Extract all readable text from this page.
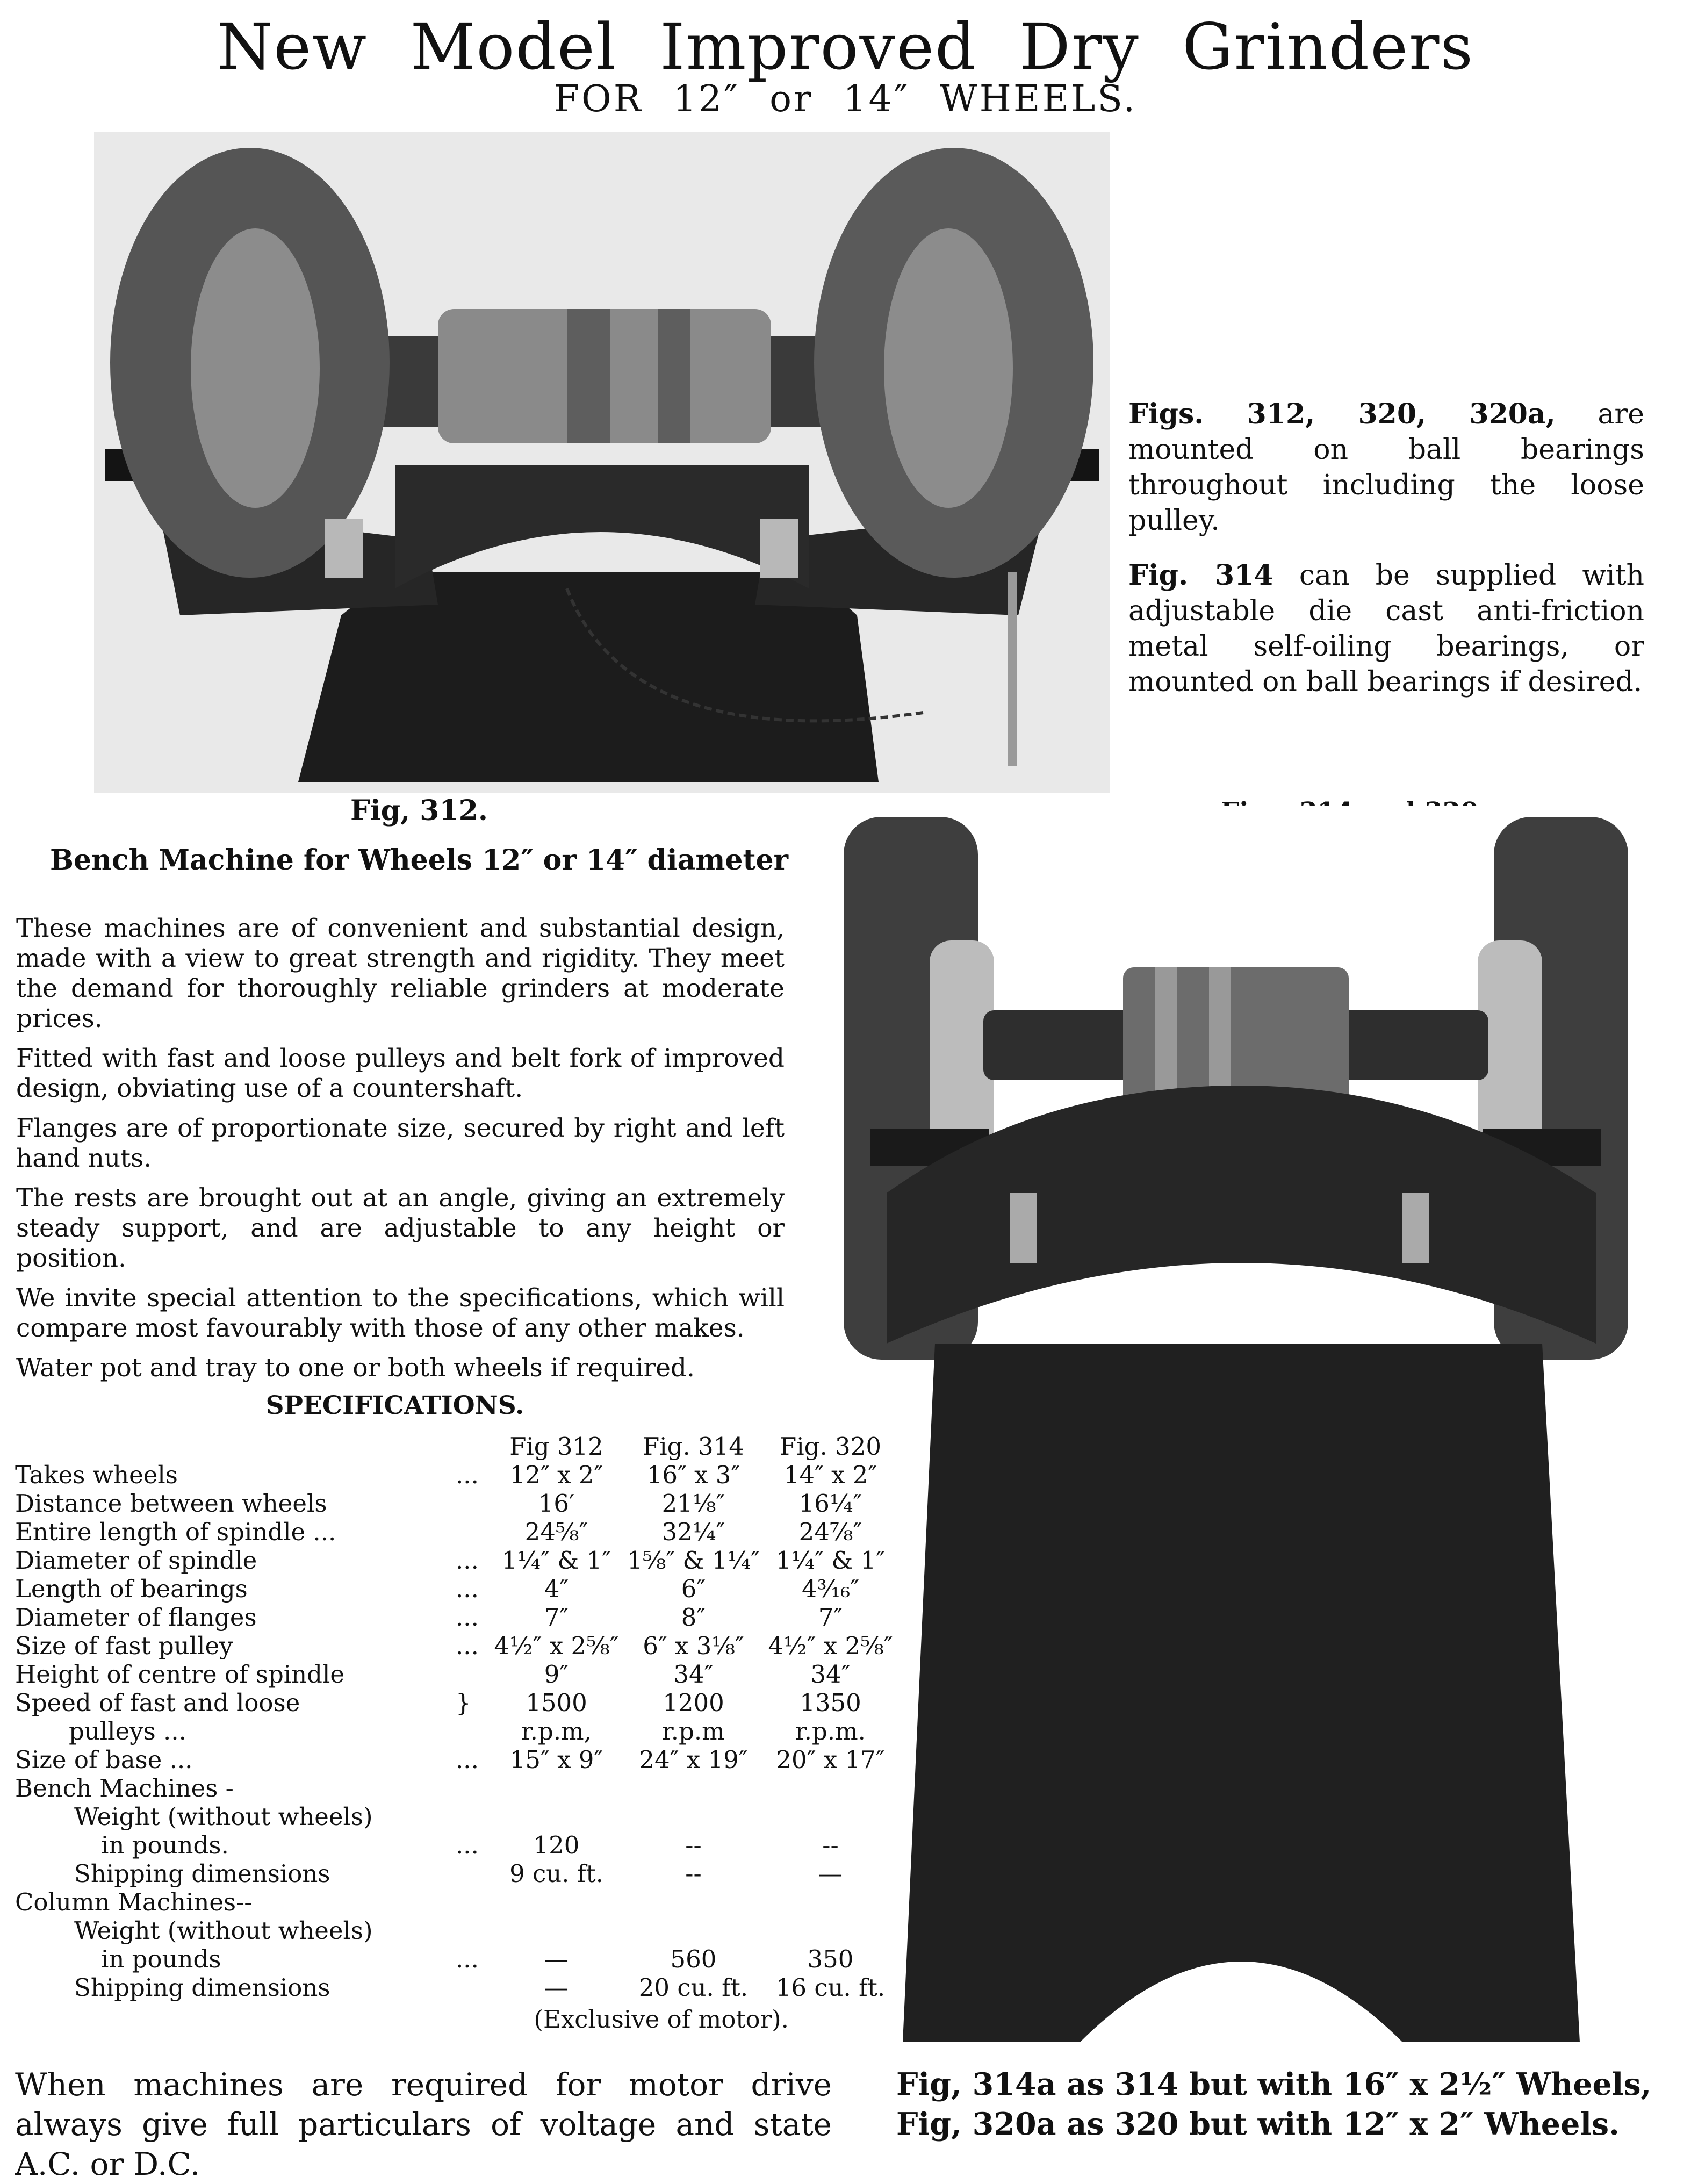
New Model Improved Dry Grinders
FOR 12″ or 14″ WHEELS.

Figs. 312, 320, 320a, are mounted on ball bearings throughout including the loose pulley.

Fig. 314 can be supplied with adjustable die cast anti-friction metal self-oiling bearings, or mounted on ball bearings if desired.

Fig, 312.
Bench Machine for Wheels 12″ or 14″ diameter

These machines are of convenient and substantial design, made with a view to great strength and rigidity. They meet the demand for thoroughly reliable grinders at moderate prices.

Fitted with fast and loose pulleys and belt fork of improved design, obviating use of a countershaft.

Flanges are of proportionate size, secured by right and left hand nuts.

The rests are brought out at an angle, giving an extremely steady support, and are adjustable to any height or position.

We invite special attention to the specifications, which will compare most favourably with those of any other makes.

Water pot and tray to one or both wheels if required.

SPECIFICATIONS.
		Fig 312	Fig. 314	Fig. 320
Takes wheels	...	12″ x 2″	16″ x 3″	14″ x 2″
Distance between wheels		16′	21⅛″	16¼″
Entire length of spindle ...		24⅝″	32¼″	24⅞″
Diameter of spindle	...	1¼″ & 1″	1⅝″ & 1¼″	1¼″ & 1″
Length of bearings	...	4″	6″	4³⁄₁₆″
Diameter of flanges	...	7″	8″	7″
Size of fast pulley	...	4½″ x 2⅝″	6″ x 3⅛″	4½″ x 2⅝″
Height of centre of spindle		9″	34″	34″
Speed of fast and loose	}	1500	1200	1350
pulleys ...		r.p.m,	r.p.m	r.p.m.
Size of base ...	...	15″ x 9″	24″ x 19″	20″ x 17″
Bench Machines -				
Weight (without wheels)				
in pounds.	...	120	--	--
Shipping dimensions		9 cu. ft.	--	—
Column Machines--				
Weight (without wheels)				
in pounds	...	—	560	350
Shipping dimensions		—	20 cu. ft.	16 cu. ft.
(Exclusive of motor).
When machines are required for motor drive always give full particulars of voltage and state A.C. or D.C.
Fig, 314a as 314 but with 16″ x 2½″ Wheels,
Fig, 320a as 320 but with 12″ x 2″ Wheels.
